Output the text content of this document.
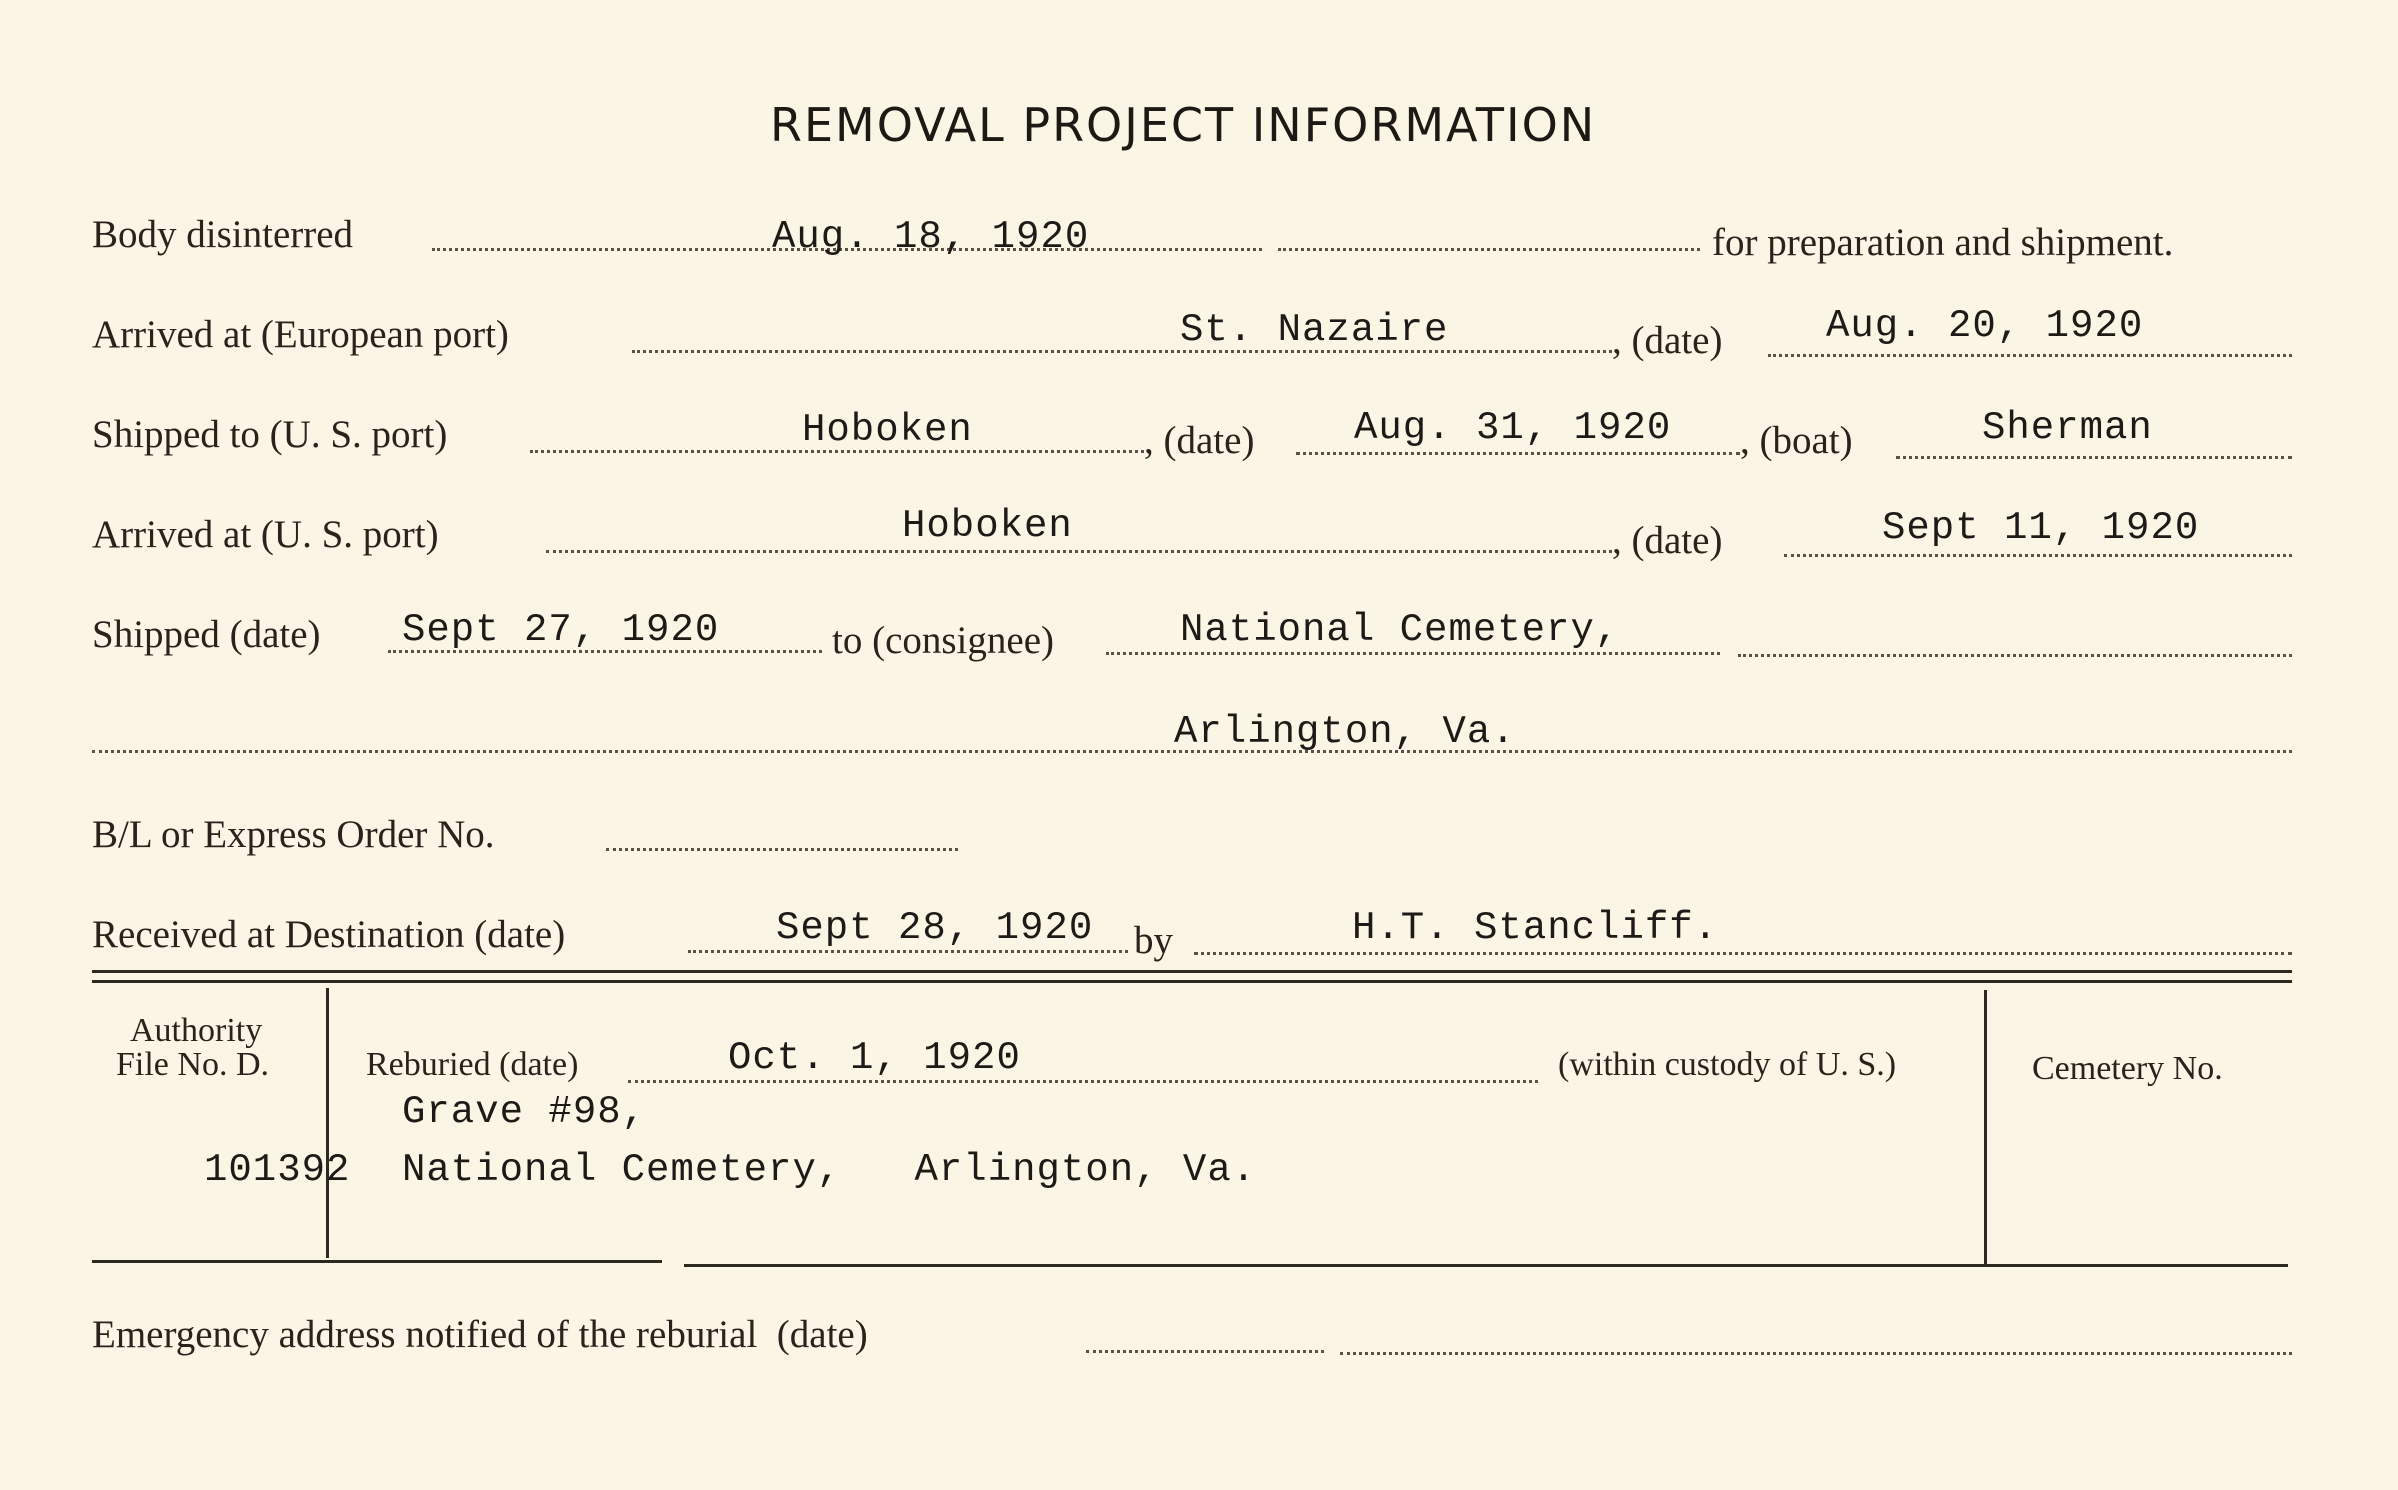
REMOVAL PROJECT INFORMATION
Body disinterred	Aug. 18, 1920	for preparation and shipment.
Arrived at (European port)	St. Nazaire	, (date)	Aug. 20, 1920
Shipped to (U. S. port)	Hoboken	, (date)	Aug. 31, 1920 , (boat)	Sherman
Arrived at (U. S. port)	Hoboken	, (date)	Sept 11, 1920
Shipped (date) Sept 27, 1920	to (consignee)	National Cemetery,
Arlington, Va.
B/L or Express Order No.
Received at Destination (date)	Sept 28, 1920 by	H.T. Stancliff.
Authority
File No. D.
101392
Reburied (date)	Oct. 1, 1920	(within custody of U. S.)	Cemetery No.
Grave #98,
National Cemetery,   Arlington, Va.
Emergency address notified of the reburial  (date)
